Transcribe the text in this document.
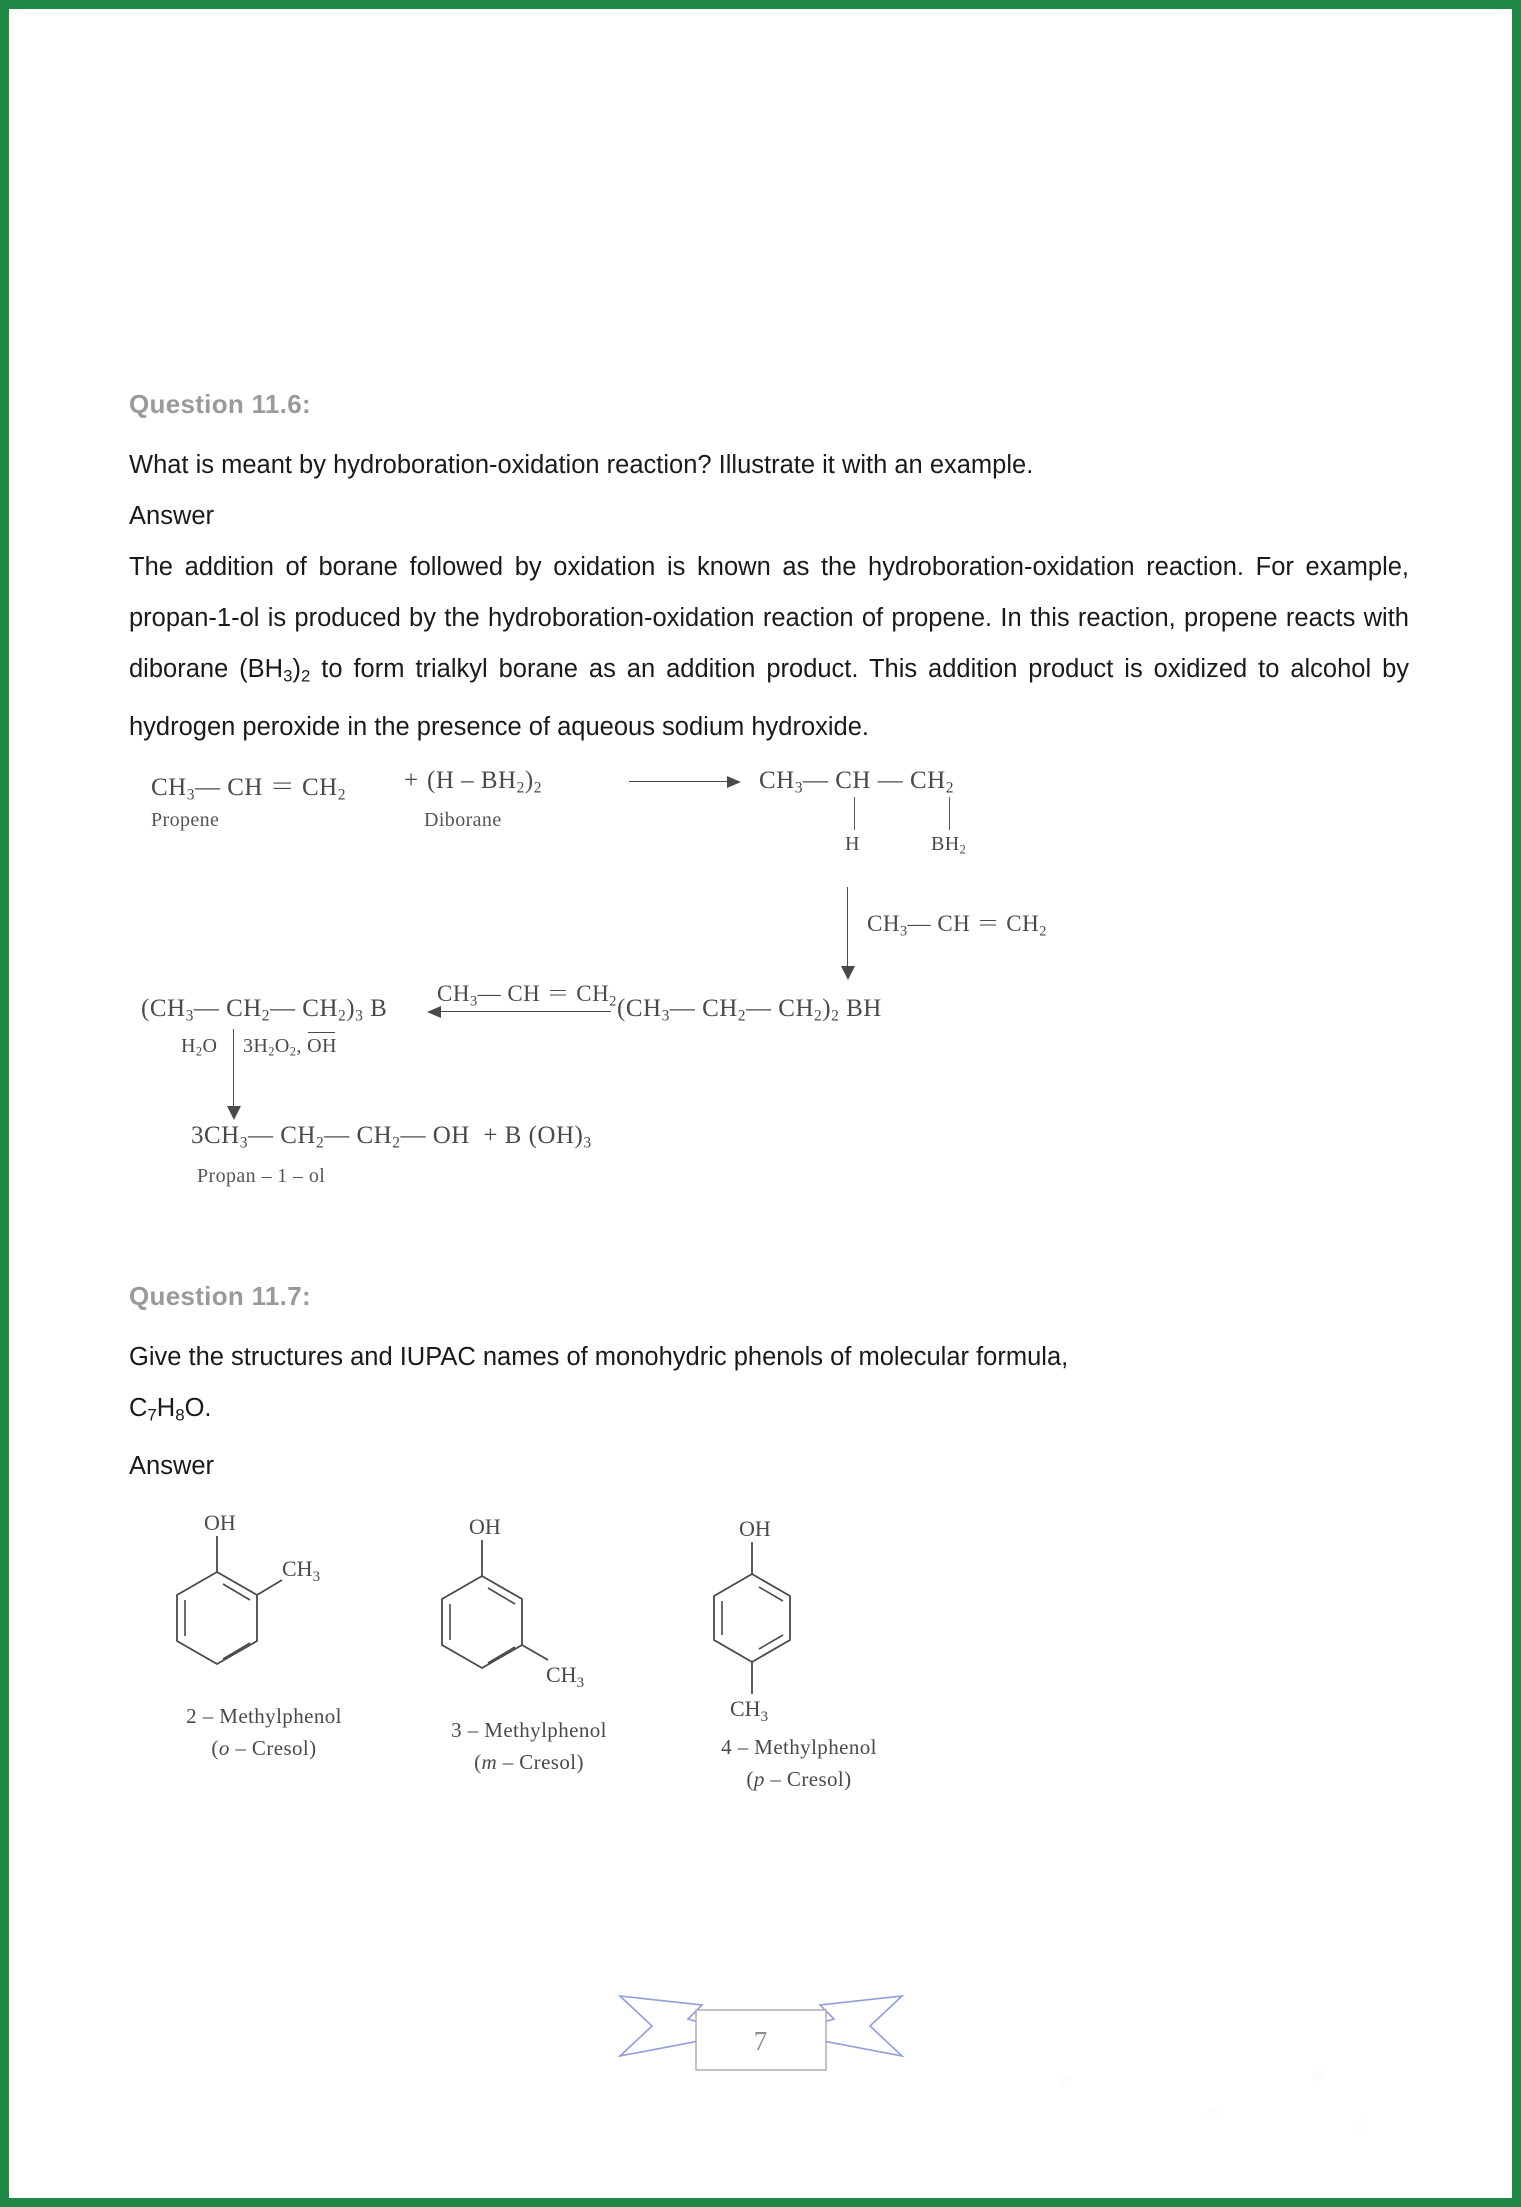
Question 11.6:

What is meant by hydroboration-oxidation reaction? Illustrate it with an example.

Answer

The addition of borane followed by oxidation is known as the hydroboration-oxidation reaction. For example, propan-1-ol is produced by the hydroboration-oxidation reaction of propene. In this reaction, propene reacts with diborane $(BH_3)_2$ to form trialkyl borane as an addition product. This addition product is oxidized to alcohol by hydrogen peroxide in the presence of aqueous sodium hydroxide.

$CH_3—$ CH ＝ $CH_2$
+ $(H - BH_2)_2$
Propene	Diborane
$CH_3—$ CH — $CH_2$
H	$BH_2$
$CH_3—$ CH ＝ $CH_2$
($CH_3—$ $CH_2—$ $CH_2)_3$ B
$CH_3—$ CH ＝ $CH_2$ ($CH_3—$ $CH_2—$ $CH_2)_2$ BH
$H_2O$ $3H_2O_2$, OH
$3CH_3—$ $CH_2—$ $CH_2—$ OH + B $(OH)_3$
Propan – 1 – ol
Question 11.7:

Give the structures and IUPAC names of monohydric phenols of molecular formula,

$C_7H_8O$.

Answer

OH
$CH_3$
2 – Methylphenol
(o – Cresol)
OH
$CH_3$
3 – Methylphenol
(m – Cresol)
OH
$CH_3$
4 – Methylphenol
(p – Cresol)
7
